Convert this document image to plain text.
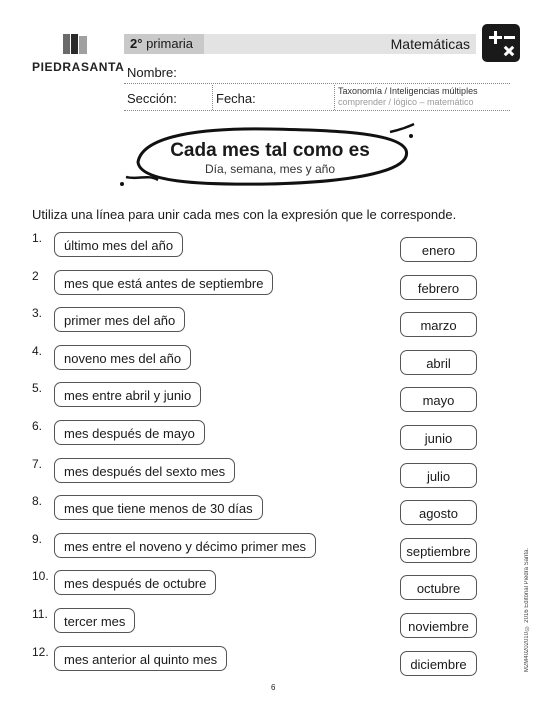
PIEDRASANTA
2° primaria	Matemáticas
Nombre:
Sección:	Fecha:	Taxonomía / Inteligencias múltiples
comprender / lógico – matemático
Cada mes tal como es
Día, semana, mes y año
Utiliza una línea para unir cada mes con la expresión que le corresponde.
1.	último mes del año	enero
2	mes que está antes de septiembre	febrero
3.	primer mes del año	marzo
4.	noveno mes del año	abril
5.	mes entre abril y junio	mayo
6.	mes después de mayo	junio
7.	mes después del sexto mes	julio
8.	mes que tiene menos de 30 días	agosto
9.	mes entre el noveno y décimo primer mes	septiembre
10.	mes después de octubre	octubre
11.	tercer mes	noviembre
12.	mes anterior al quinto mes	diciembre	M2M40202010 © 2016 Editorial Piedra Santa.
6
